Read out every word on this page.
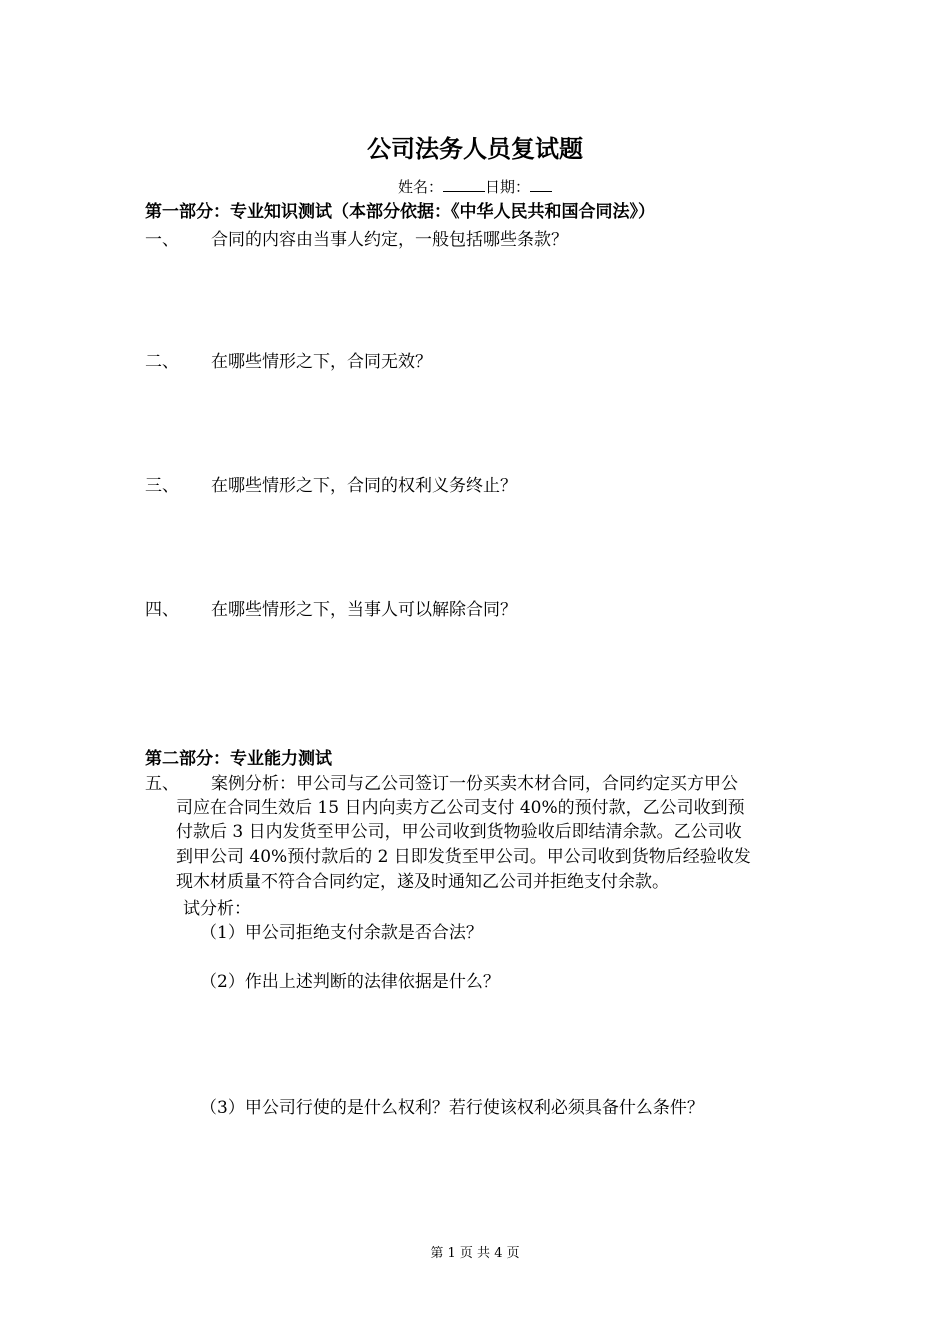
公司法务人员复试题
姓名：	日期：
第一部分：专业知识测试（本部分依据：《中华人民共和国合同法》）
一、 合同的内容由当事人约定，一般包括哪些条款？
二、 在哪些情形之下，合同无效？
三、 在哪些情形之下，合同的权利义务终止？
四、 在哪些情形之下，当事人可以解除合同？
第二部分：专业能力测试
五、 案例分析：甲公司与乙公司签订一份买卖木材合同，合同约定买方甲公
司应在合同生效后 15 日内向卖方乙公司支付 40%的预付款，乙公司收到预
付款后 3 日内发货至甲公司，甲公司收到货物验收后即结清余款。乙公司收
到甲公司 40%预付款后的 2 日即发货至甲公司。甲公司收到货物后经验收发
现木材质量不符合合同约定，遂及时通知乙公司并拒绝支付余款。
试分析：
（1）甲公司拒绝支付余款是否合法？
（2）作出上述判断的法律依据是什么？
（3）甲公司行使的是什么权利？若行使该权利必须具备什么条件？
第 1 页 共 4 页
